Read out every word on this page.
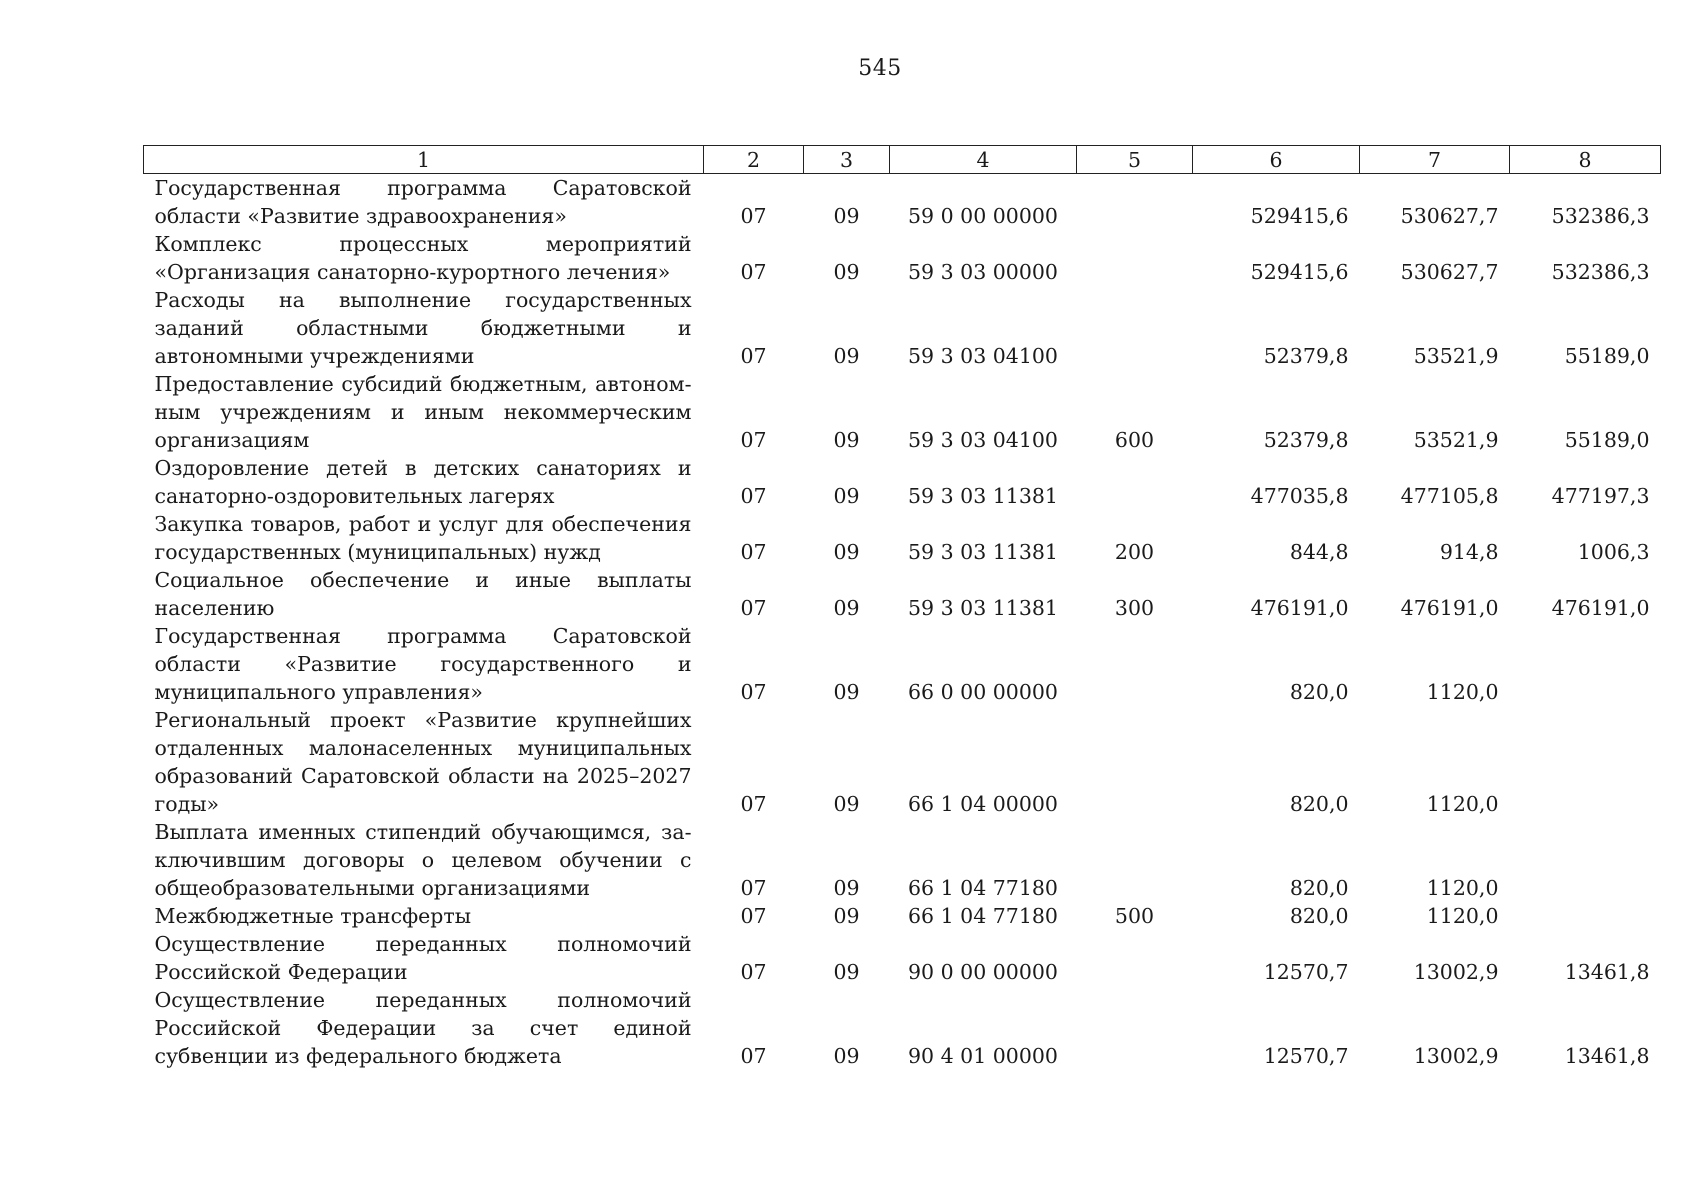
545
1	2	3	4	5	6	7	8
Государственная программа Саратовской области «Развитие здравоохранения»	07	09	59 0 00 00000		529415,6	530627,7	532386,3
Комплекс процессных мероприятий «Организация санаторно-курортного лечения»	07	09	59 3 03 00000		529415,6	530627,7	532386,3
Расходы на выполнение государственных заданий областными бюджетными и автономными учреждениями	07	09	59 3 03 04100		52379,8	53521,9	55189,0
Предоставление субсидий бюджетным, автономным учреждениям и иным некоммерческим организациям	07	09	59 3 03 04100	600	52379,8	53521,9	55189,0
Оздоровление детей в детских санаториях и санаторно-оздоровительных лагерях	07	09	59 3 03 11381		477035,8	477105,8	477197,3
Закупка товаров, работ и услуг для обеспечения государственных (муниципальных) нужд	07	09	59 3 03 11381	200	844,8	914,8	1006,3
Социальное обеспечение и иные выплаты населению	07	09	59 3 03 11381	300	476191,0	476191,0	476191,0
Государственная программа Саратовской области «Развитие государственного и муниципального управления»	07	09	66 0 00 00000		820,0	1120,0	
Региональный проект «Развитие крупнейших отдаленных малонаселенных муниципальных образований Саратовской области на 2025–2027 годы»	07	09	66 1 04 00000		820,0	1120,0	
Выплата именных стипендий обучающимся, заключившим договоры о целевом обучении с общеобразовательными организациями	07	09	66 1 04 77180		820,0	1120,0	
Межбюджетные трансферты	07	09	66 1 04 77180	500	820,0	1120,0	
Осуществление переданных полномочий Российской Федерации	07	09	90 0 00 00000		12570,7	13002,9	13461,8
Осуществление переданных полномочий Российской Федерации за счет единой субвенции из федерального бюджета	07	09	90 4 01 00000		12570,7	13002,9	13461,8
